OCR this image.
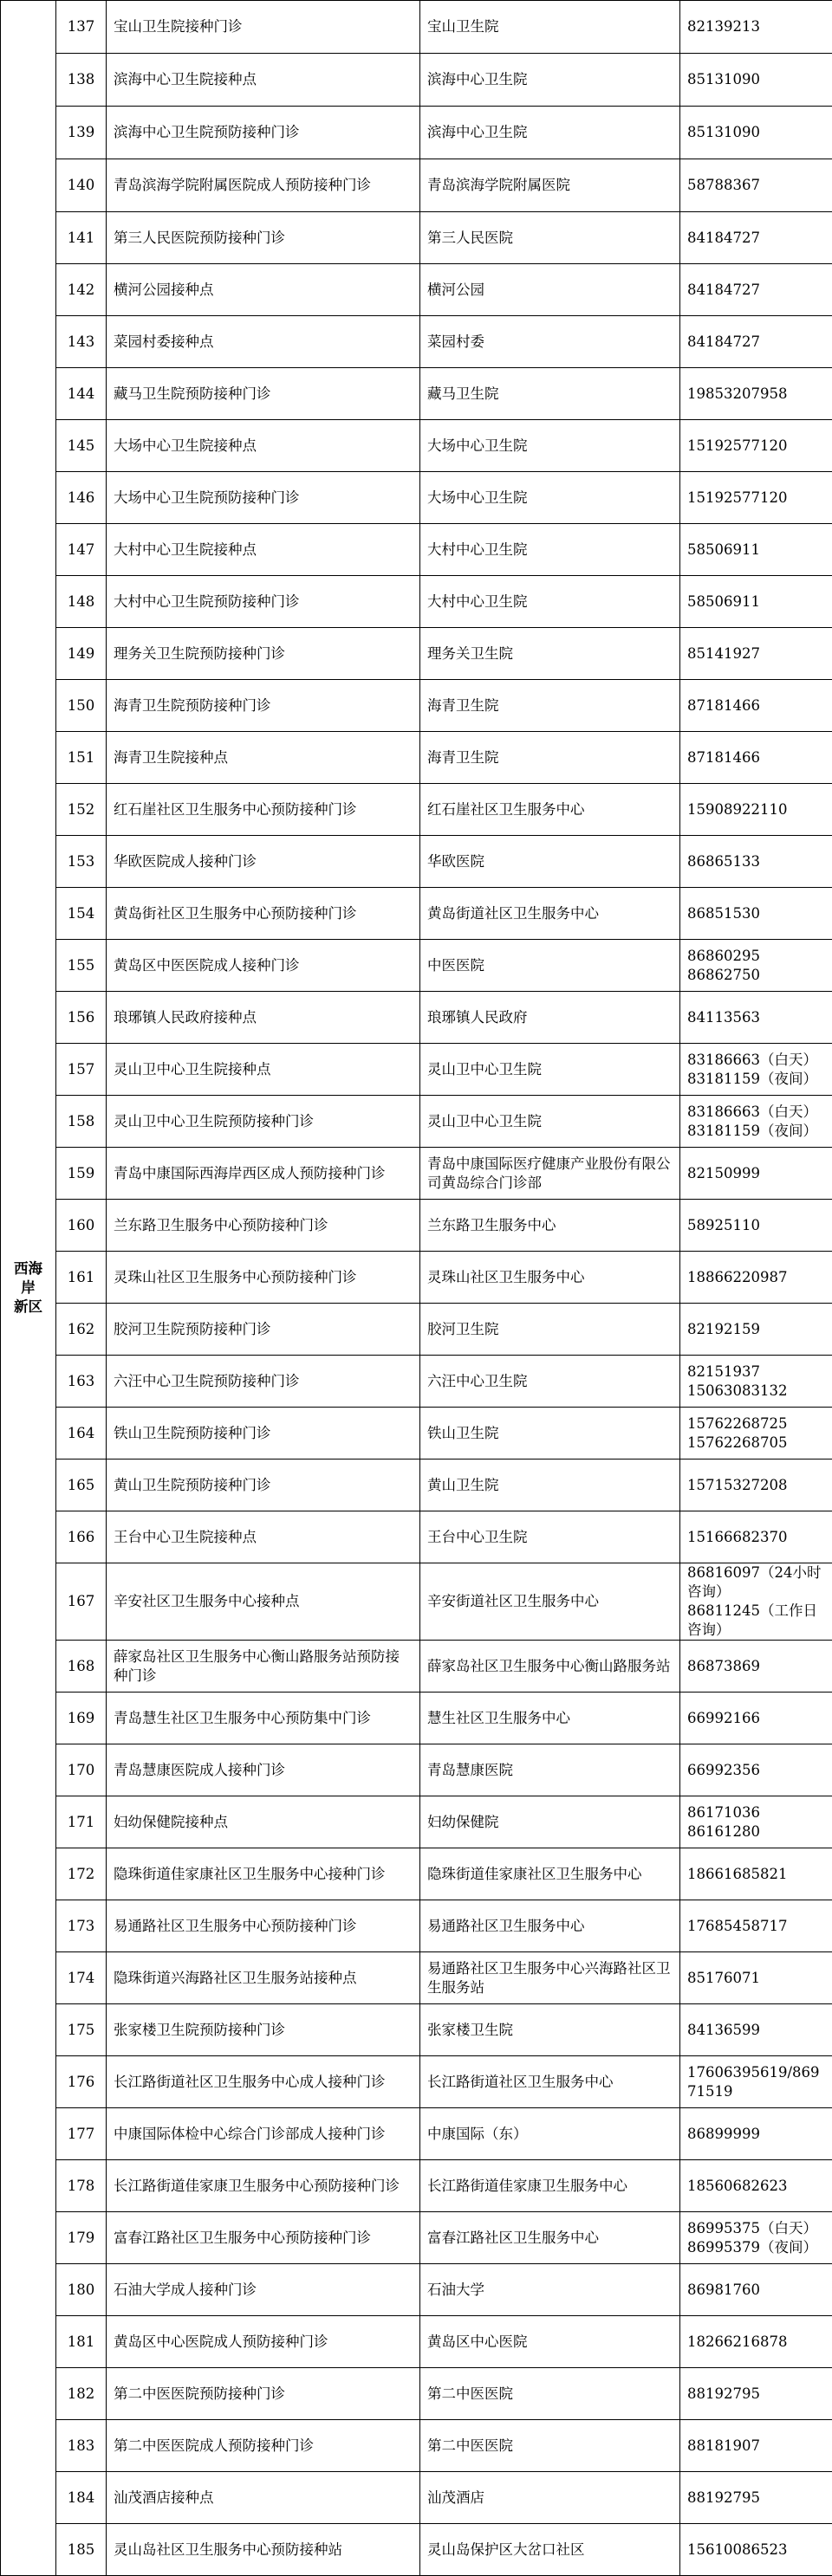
西海岸
新区	137	宝山卫生院接种门诊	宝山卫生院	82139213
	138	滨海中心卫生院接种点	滨海中心卫生院	85131090
	139	滨海中心卫生院预防接种门诊	滨海中心卫生院	85131090
	140	青岛滨海学院附属医院成人预防接种门诊	青岛滨海学院附属医院	58788367
	141	第三人民医院预防接种门诊	第三人民医院	84184727
	142	横河公园接种点	横河公园	84184727
	143	菜园村委接种点	菜园村委	84184727
	144	藏马卫生院预防接种门诊	藏马卫生院	19853207958
	145	大场中心卫生院接种点	大场中心卫生院	15192577120
	146	大场中心卫生院预防接种门诊	大场中心卫生院	15192577120
	147	大村中心卫生院接种点	大村中心卫生院	58506911
	148	大村中心卫生院预防接种门诊	大村中心卫生院	58506911
	149	理务关卫生院预防接种门诊	理务关卫生院	85141927
	150	海青卫生院预防接种门诊	海青卫生院	87181466
	151	海青卫生院接种点	海青卫生院	87181466
	152	红石崖社区卫生服务中心预防接种门诊	红石崖社区卫生服务中心	15908922110
	153	华欧医院成人接种门诊	华欧医院	86865133
	154	黄岛街社区卫生服务中心预防接种门诊	黄岛街道社区卫生服务中心	86851530
	155	黄岛区中医医院成人接种门诊	中医医院	86860295
86862750
	156	琅琊镇人民政府接种点	琅琊镇人民政府	84113563
	157	灵山卫中心卫生院接种点	灵山卫中心卫生院	83186663（白天）
83181159（夜间）
	158	灵山卫中心卫生院预防接种门诊	灵山卫中心卫生院	83186663（白天）
83181159（夜间）
	159	青岛中康国际西海岸西区成人预防接种门诊	青岛中康国际医疗健康产业股份有限公司黄岛综合门诊部	82150999
	160	兰东路卫生服务中心预防接种门诊	兰东路卫生服务中心	58925110
	161	灵珠山社区卫生服务中心预防接种门诊	灵珠山社区卫生服务中心	18866220987
	162	胶河卫生院预防接种门诊	胶河卫生院	82192159
	163	六汪中心卫生院预防接种门诊	六汪中心卫生院	82151937
15063083132
	164	铁山卫生院预防接种门诊	铁山卫生院	15762268725
15762268705
	165	黄山卫生院预防接种门诊	黄山卫生院	15715327208
	166	王台中心卫生院接种点	王台中心卫生院	15166682370
	167	辛安社区卫生服务中心接种点	辛安街道社区卫生服务中心	86816097（24小时咨询）
86811245（工作日咨询）
	168	薛家岛社区卫生服务中心衡山路服务站预防接种门诊	薛家岛社区卫生服务中心衡山路服务站	86873869
	169	青岛慧生社区卫生服务中心预防集中门诊	慧生社区卫生服务中心	66992166
	170	青岛慧康医院成人接种门诊	青岛慧康医院	66992356
	171	妇幼保健院接种点	妇幼保健院	86171036
86161280
	172	隐珠街道佳家康社区卫生服务中心接种门诊	隐珠街道佳家康社区卫生服务中心	18661685821
	173	易通路社区卫生服务中心预防接种门诊	易通路社区卫生服务中心	17685458717
	174	隐珠街道兴海路社区卫生服务站接种点	易通路社区卫生服务中心兴海路社区卫生服务站	85176071
	175	张家楼卫生院预防接种门诊	张家楼卫生院	84136599
	176	长江路街道社区卫生服务中心成人接种门诊	长江路街道社区卫生服务中心	17606395619/86971519
	177	中康国际体检中心综合门诊部成人接种门诊	中康国际（东）	86899999
	178	长江路街道佳家康卫生服务中心预防接种门诊	长江路街道佳家康卫生服务中心	18560682623
	179	富春江路社区卫生服务中心预防接种门诊	富春江路社区卫生服务中心	86995375（白天）
86995379（夜间）
	180	石油大学成人接种门诊	石油大学	86981760
	181	黄岛区中心医院成人预防接种门诊	黄岛区中心医院	18266216878
	182	第二中医医院预防接种门诊	第二中医医院	88192795
	183	第二中医医院成人预防接种门诊	第二中医医院	88181907
	184	汕茂酒店接种点	汕茂酒店	88192795
	185	灵山岛社区卫生服务中心预防接种站	灵山岛保护区大岔口社区	15610086523
